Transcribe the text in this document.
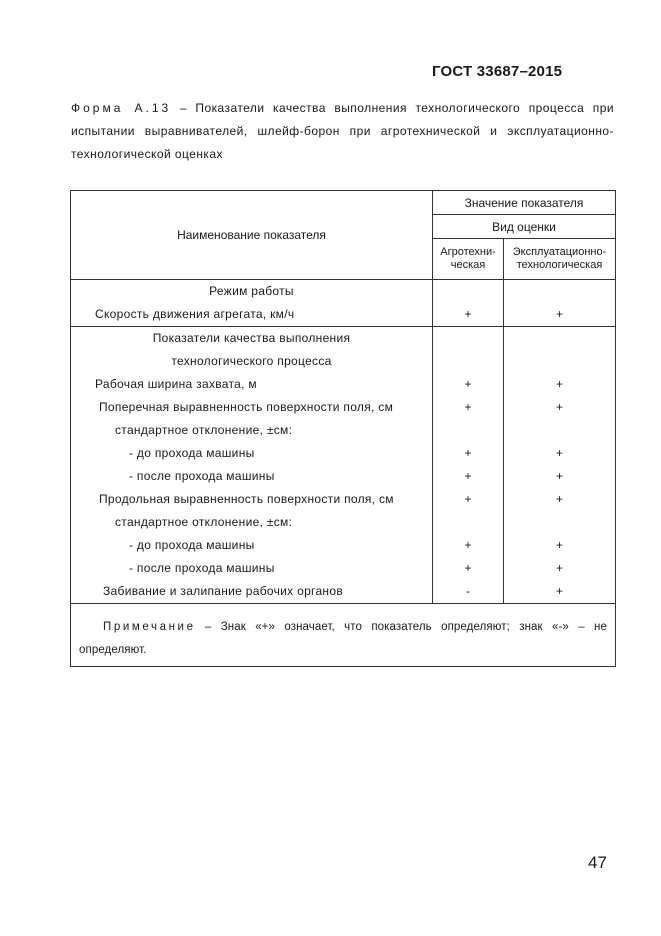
ГОСТ 33687–2015
Форма А.13 – Показатели качества выполнения технологического процесса при испытании выравнивателей, шлейф-борон при агротехнической и эксплуатационно-технологической оценках
Наименование показателя	Значение показателя	
	Вид оценки	
	Агротехни-ческая	Эксплуатационно-технологическая
Режим работы		
Скорость движения агрегата, км/ч	+	+
Показатели качества выполнения		
технологического процесса		
Рабочая ширина захвата, м	+	+
Поперечная выравненность поверхности поля, см	+	+
стандартное отклонение, ±см:		
- до прохода машины	+	+
- после прохода машины	+	+
Продольная выравненность поверхности поля, см	+	+
стандартное отклонение, ±см:		
- до прохода машины	+	+
- после прохода машины	+	+
Забивание и залипание рабочих органов	-	+
Примечание – Знак «+» означает, что показатель определяют; знак «-» – не определяют.		
47
